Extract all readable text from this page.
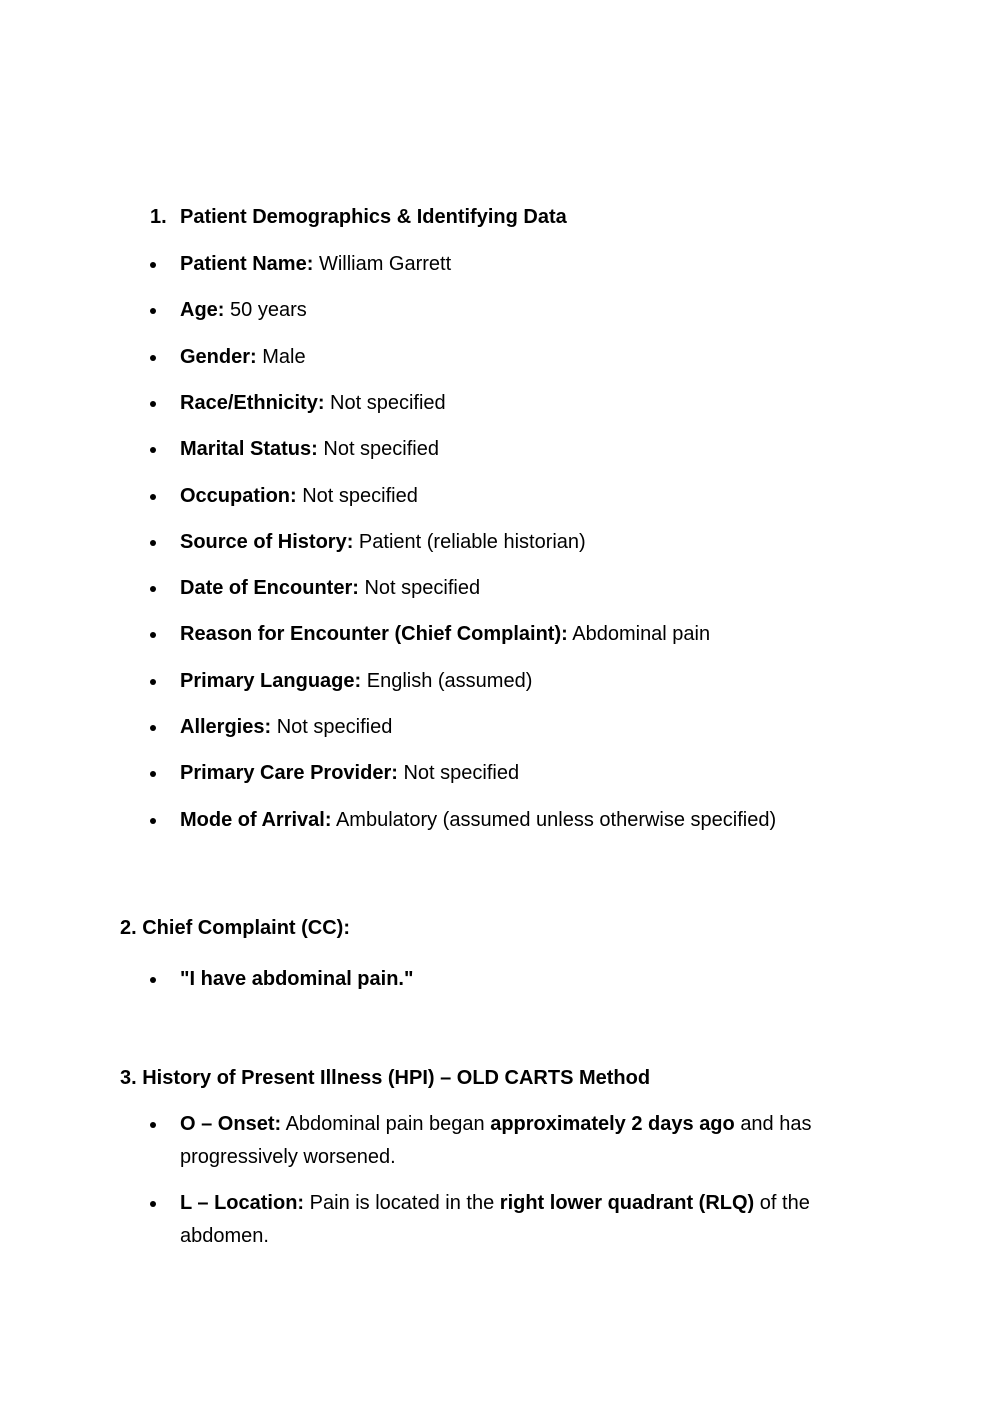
1. Patient Demographics & Identifying Data
Patient Name: William Garrett
Age: 50 years
Gender: Male
Race/Ethnicity: Not specified
Marital Status: Not specified
Occupation: Not specified
Source of History: Patient (reliable historian)
Date of Encounter: Not specified
Reason for Encounter (Chief Complaint): Abdominal pain
Primary Language: English (assumed)
Allergies: Not specified
Primary Care Provider: Not specified
Mode of Arrival: Ambulatory (assumed unless otherwise specified)
2. Chief Complaint (CC):
"I have abdominal pain."
3. History of Present Illness (HPI) – OLD CARTS Method
O – Onset: Abdominal pain began approximately 2 days ago and has progressively worsened.
L – Location: Pain is located in the right lower quadrant (RLQ) of the abdomen.
